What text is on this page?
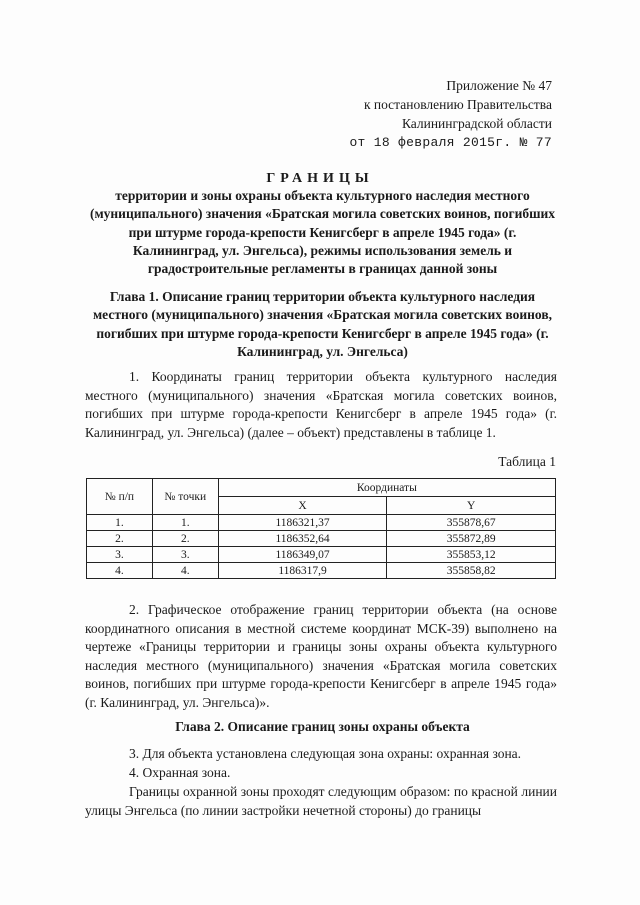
Приложение № 47
к постановлению Правительства
Калининградской области
от 18 февраля 2015г. № 77
ГРАНИЦЫ
территории и зоны охраны объекта культурного наследия местного (муниципального) значения «Братская могила советских воинов, погибших при штурме города-крепости Кенигсберг в апреле 1945 года» (г. Калининград, ул. Энгельса), режимы использования земель и градостроительные регламенты в границах данной зоны
Глава 1. Описание границ территории объекта культурного наследия местного (муниципального) значения «Братская могила советских воинов, погибших при штурме города-крепости Кенигсберг в апреле 1945 года» (г. Калининград, ул. Энгельса)
1. Координаты границ территории объекта культурного наследия местного (муниципального) значения «Братская могила советских воинов, погибших при штурме города-крепости Кенигсберг в апреле 1945 года» (г. Калининград, ул. Энгельса) (далее – объект) представлены в таблице 1.
Таблица 1
№ п/п	№ точки	Координаты	
		X	Y
1.	1.	1186321,37	355878,67
2.	2.	1186352,64	355872,89
3.	3.	1186349,07	355853,12
4.	4.	1186317,9	355858,82
2. Графическое отображение границ территории объекта (на основе координатного описания в местной системе координат МСК-39) выполнено на чертеже «Границы территории и границы зоны охраны объекта культурного наследия местного (муниципального) значения «Братская могила советских воинов, погибших при штурме города-крепости Кенигсберг в апреле 1945 года» (г. Калининград, ул. Энгельса)».
Глава 2. Описание границ зоны охраны объекта
3. Для объекта установлена следующая зона охраны: охранная зона.
4. Охранная зона.
Границы охранной зоны проходят следующим образом: по красной линии улицы Энгельса (по линии застройки нечетной стороны) до границы
